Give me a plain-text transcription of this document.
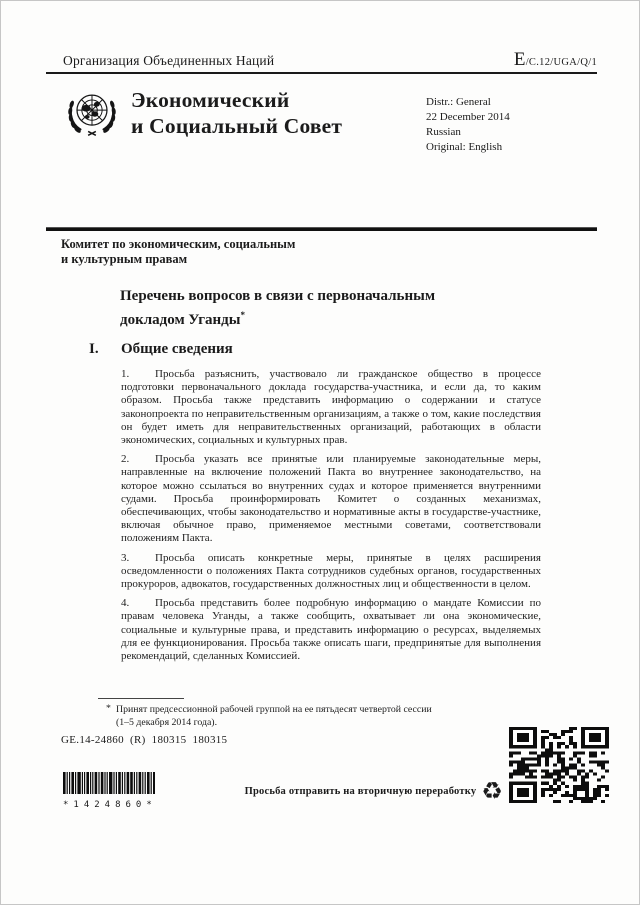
Организация Объединенных Наций	E/C.12/UGA/Q/1
Экономический
и Социальный Совет
Distr.: General
22 December 2014
Russian
Original: English
Комитет по экономическим, социальным
и культурным правам
Перечень вопросов в связи с первоначальным
докладом Уганды*
I.	Общие сведения

1. Просьба разъяснить, участвовало ли гражданское общество в процессе подготовки первоначального доклада государства-участника, и если да, то каким образом. Просьба также представить информацию о содержании и статусе законопроекта по неправительственным организациям, а также о том, какие последствия он будет иметь для неправительственных организаций, работающих в области экономических, социальных и культурных прав.

2. Просьба указать все принятые или планируемые законодательные меры, направленные на включение положений Пакта во внутреннее законодательство, на которое можно ссылаться во внутренних судах и которое применяется внутренними судами. Просьба проинформировать Комитет о созданных механизмах, обеспечивающих, чтобы законодательство и нормативные акты в государстве-участнике, включая обычное право, применяемое местными советами, соответствовали положениям Пакта.

3. Просьба описать конкретные меры, принятые в целях расширения осведомленности о положениях Пакта сотрудников судебных органов, государственных прокуроров, адвокатов, государственных должностных лиц и общественности в целом.

4. Просьба представить более подробную информацию о мандате Комиссии по правам человека Уганды, а также сообщить, охватывает ли она экономические, социальные и культурные права, и представить информацию о ресурсах, выделяемых для ее функционирования. Просьба также описать шаги, предпринятые для выполнения рекомендаций, сделанных Комиссией.

* Принят предсессионной рабочей группой на ее пятьдесят четвертой сессии (1–5 декабря 2014 года).
GE.14-24860  (R)  180315  180315
*1424860*
Просьба отправить на вторичную переработку ♻
